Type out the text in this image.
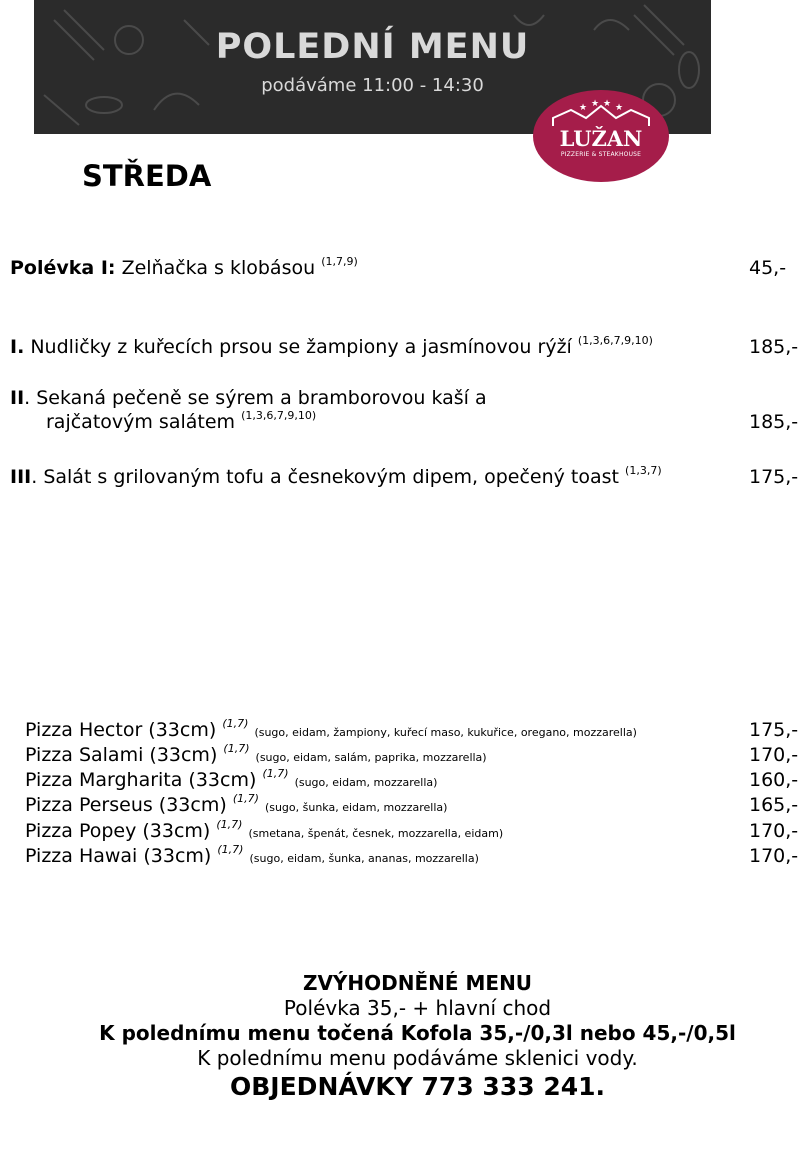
POLEDNÍ MENU
podáváme 11:00 - 14:30
★ ★ ★ ★
LUŽAN
PIZZERIE & STEAKHOUSE
STŘEDA
Polévka I: Zelňačka s klobásou $^{(1,7,9)}$	45,-
I. Nudličky z kuřecích prsou se žampiony a jasmínovou rýží $^{(1,3,6,7,9,10)}$	185,-
II. Sekaná pečeně se sýrem a bramborovou kaší a
rajčatovým salátem $^{(1,3,6,7,9,10)}$	185,-
III. Salát s grilovaným tofu a česnekovým dipem, opečený toast $^{(1,3,7)}$	175,-
Pizza Hector (33cm) $^{(1,7)}$ (sugo, eidam, žampiony, kuřecí maso, kukuřice, oregano, mozzarella)	175,-
Pizza Salami (33cm) $^{(1,7)}$ (sugo, eidam, salám, paprika, mozzarella)	170,-
Pizza Margharita (33cm) $^{(1,7)}$ (sugo, eidam, mozzarella)	160,-
Pizza Perseus (33cm) $^{(1,7)}$ (sugo, šunka, eidam, mozzarella)	165,-
Pizza Popey (33cm) $^{(1,7)}$ (smetana, špenát, česnek, mozzarella, eidam)	170,-
Pizza Hawai (33cm) $^{(1,7)}$ (sugo, eidam, šunka, ananas, mozzarella)	170,-
ZVÝHODNĚNÉ MENU
Polévka 35,- + hlavní chod
K polednímu menu točená Kofola 35,-/0,3l nebo 45,-/0,5l
K polednímu menu podáváme sklenici vody.
OBJEDNÁVKY 773 333 241.
